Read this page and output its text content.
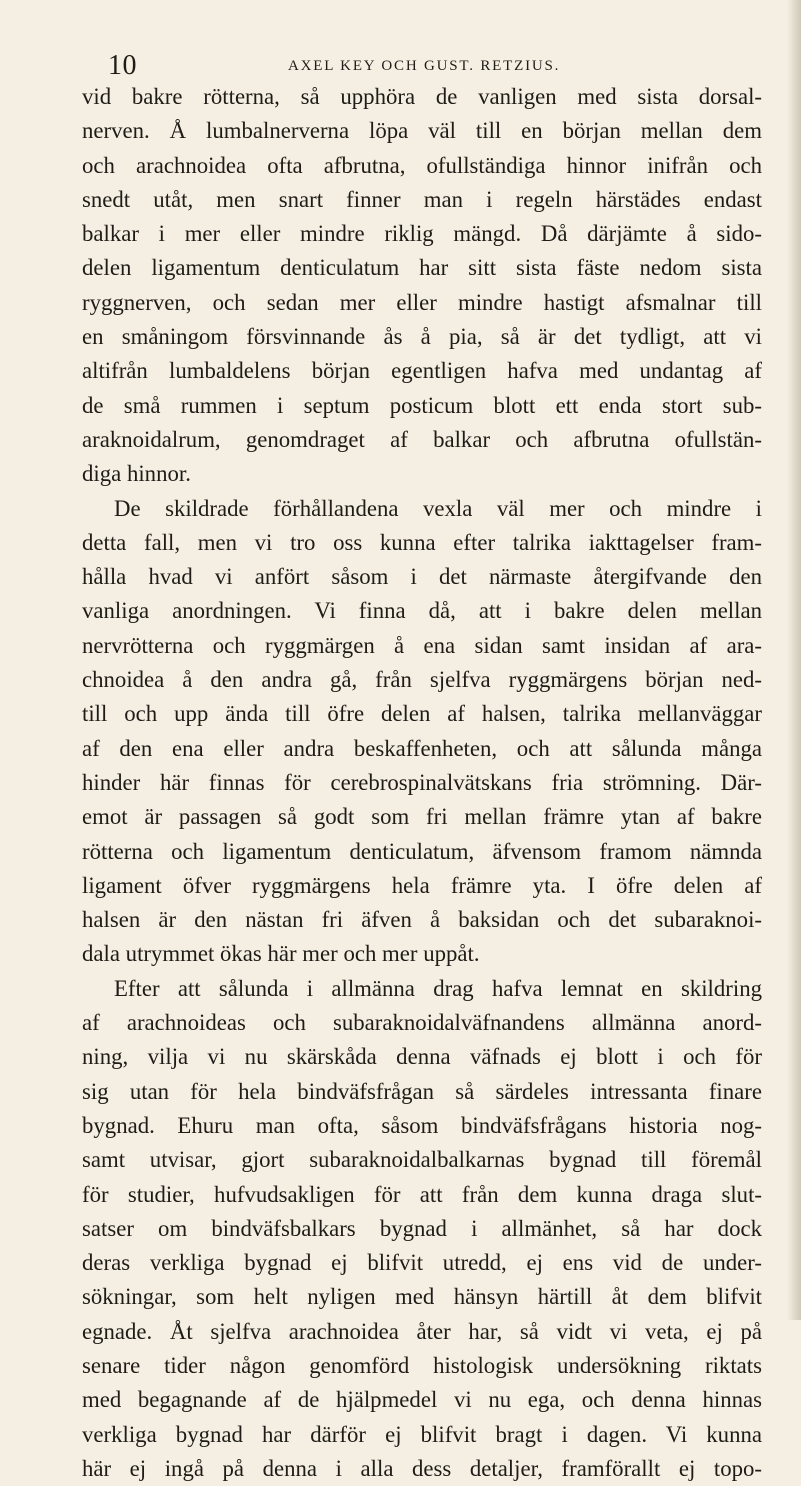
10	AXEL KEY OCH GUST. RETZIUS.
vid bakre rötterna, så upphöra de vanligen med sista dorsal-
nerven. Å lumbalnerverna löpa väl till en början mellan dem
och arachnoidea ofta afbrutna, ofullständiga hinnor inifrån och
snedt utåt, men snart finner man i regeln härstädes endast
balkar i mer eller mindre riklig mängd. Då därjämte å sido-
delen ligamentum denticulatum har sitt sista fäste nedom sista
ryggnerven, och sedan mer eller mindre hastigt afsmalnar till
en småningom försvinnande ås å pia, så är det tydligt, att vi
altifrån lumbaldelens början egentligen hafva med undantag af
de små rummen i septum posticum blott ett enda stort sub-
araknoidalrum, genomdraget af balkar och afbrutna ofullstän-
diga hinnor.
De skildrade förhållandena vexla väl mer och mindre i
detta fall, men vi tro oss kunna efter talrika iakttagelser fram-
hålla hvad vi anfört såsom i det närmaste återgifvande den
vanliga anordningen. Vi finna då, att i bakre delen mellan
nervrötterna och ryggmärgen å ena sidan samt insidan af ara-
chnoidea å den andra gå, från sjelfva ryggmärgens början ned-
till och upp ända till öfre delen af halsen, talrika mellanväggar
af den ena eller andra beskaffenheten, och att sålunda många
hinder här finnas för cerebrospinalvätskans fria strömning. Där-
emot är passagen så godt som fri mellan främre ytan af bakre
rötterna och ligamentum denticulatum, äfvensom framom nämnda
ligament öfver ryggmärgens hela främre yta. I öfre delen af
halsen är den nästan fri äfven å baksidan och det subaraknoi-
dala utrymmet ökas här mer och mer uppåt.
Efter att sålunda i allmänna drag hafva lemnat en skildring
af arachnoideas och subaraknoidalväfnandens allmänna anord-
ning, vilja vi nu skärskåda denna väfnads ej blott i och för
sig utan för hela bindväfsfrågan så särdeles intressanta finare
bygnad. Ehuru man ofta, såsom bindväfsfrågans historia nog-
samt utvisar, gjort subaraknoidalbalkarnas bygnad till föremål
för studier, hufvudsakligen för att från dem kunna draga slut-
satser om bindväfsbalkars bygnad i allmänhet, så har dock
deras verkliga bygnad ej blifvit utredd, ej ens vid de under-
sökningar, som helt nyligen med hänsyn härtill åt dem blifvit
egnade. Åt sjelfva arachnoidea åter har, så vidt vi veta, ej på
senare tider någon genomförd histologisk undersökning riktats
med begagnande af de hjälpmedel vi nu ega, och denna hinnas
verkliga bygnad har därför ej blifvit bragt i dagen. Vi kunna
här ej ingå på denna i alla dess detaljer, framförallt ej topo-
